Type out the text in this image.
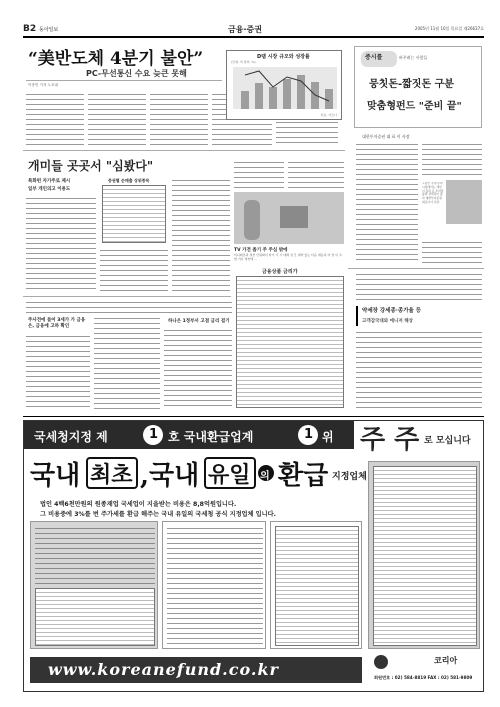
B2 동아일보	금융·증권	2005년 11월 10일 목요일 제26637호
“美반도체 4분기 불안”
PC-무선통신 수요 늦큰 못해
이종민 기자 노호권
D램 시장 규모와 성장률
(단위: 억 달러, %)
자료: 가트너
증시를	바꾸려는 사람들
뭉칫돈-짧짓돈 구분
맞춤형펀드 "준비 끝"
대한투자증권 대 표 이 사장
그동안 국내 투자 시장에서는 개인이 흘러 온 투자상품의 선택폭이 좁아 대한투자증권 대표이사 사장.
개미들 곳곳서 "심봤다"
특화펀 자가주로 제시
일부 개인의고 이용도
증권별 순매출 상위종목
TV 가전 좁기 주 주심 밖에
미니레몬과 결선 단위화이 타기 기 시 대해 성 모 대략 있는 다음 재등록 미 상 이 수 합 거나 영상에 ...
금융상품 금리가
약세장 강세종·종가율 등
고객감국대와 애니저 해상
주사전에 들어 3세가 가 금융은, 금융에 고하 확인
하나은 1정부서 고점 금리 걸기
국세청지정 제	1 호 국내환급업계	1 위 주 주 로 모십니다
국내 최초 ,국내 유일 의 환급 지정업체
법인 4백6천만원의 원종재업 국세업이 지을받는 비용은 8,8억원입니다.
그 비용중에 3%를 번 주가세를 환급 해주는 국내 유일의 국세청 공식 지정업체 입니다.
www.koreanefund.co.kr	코리아
회원번호 : 02) 584-8819 FAX : 02) 581-9809
